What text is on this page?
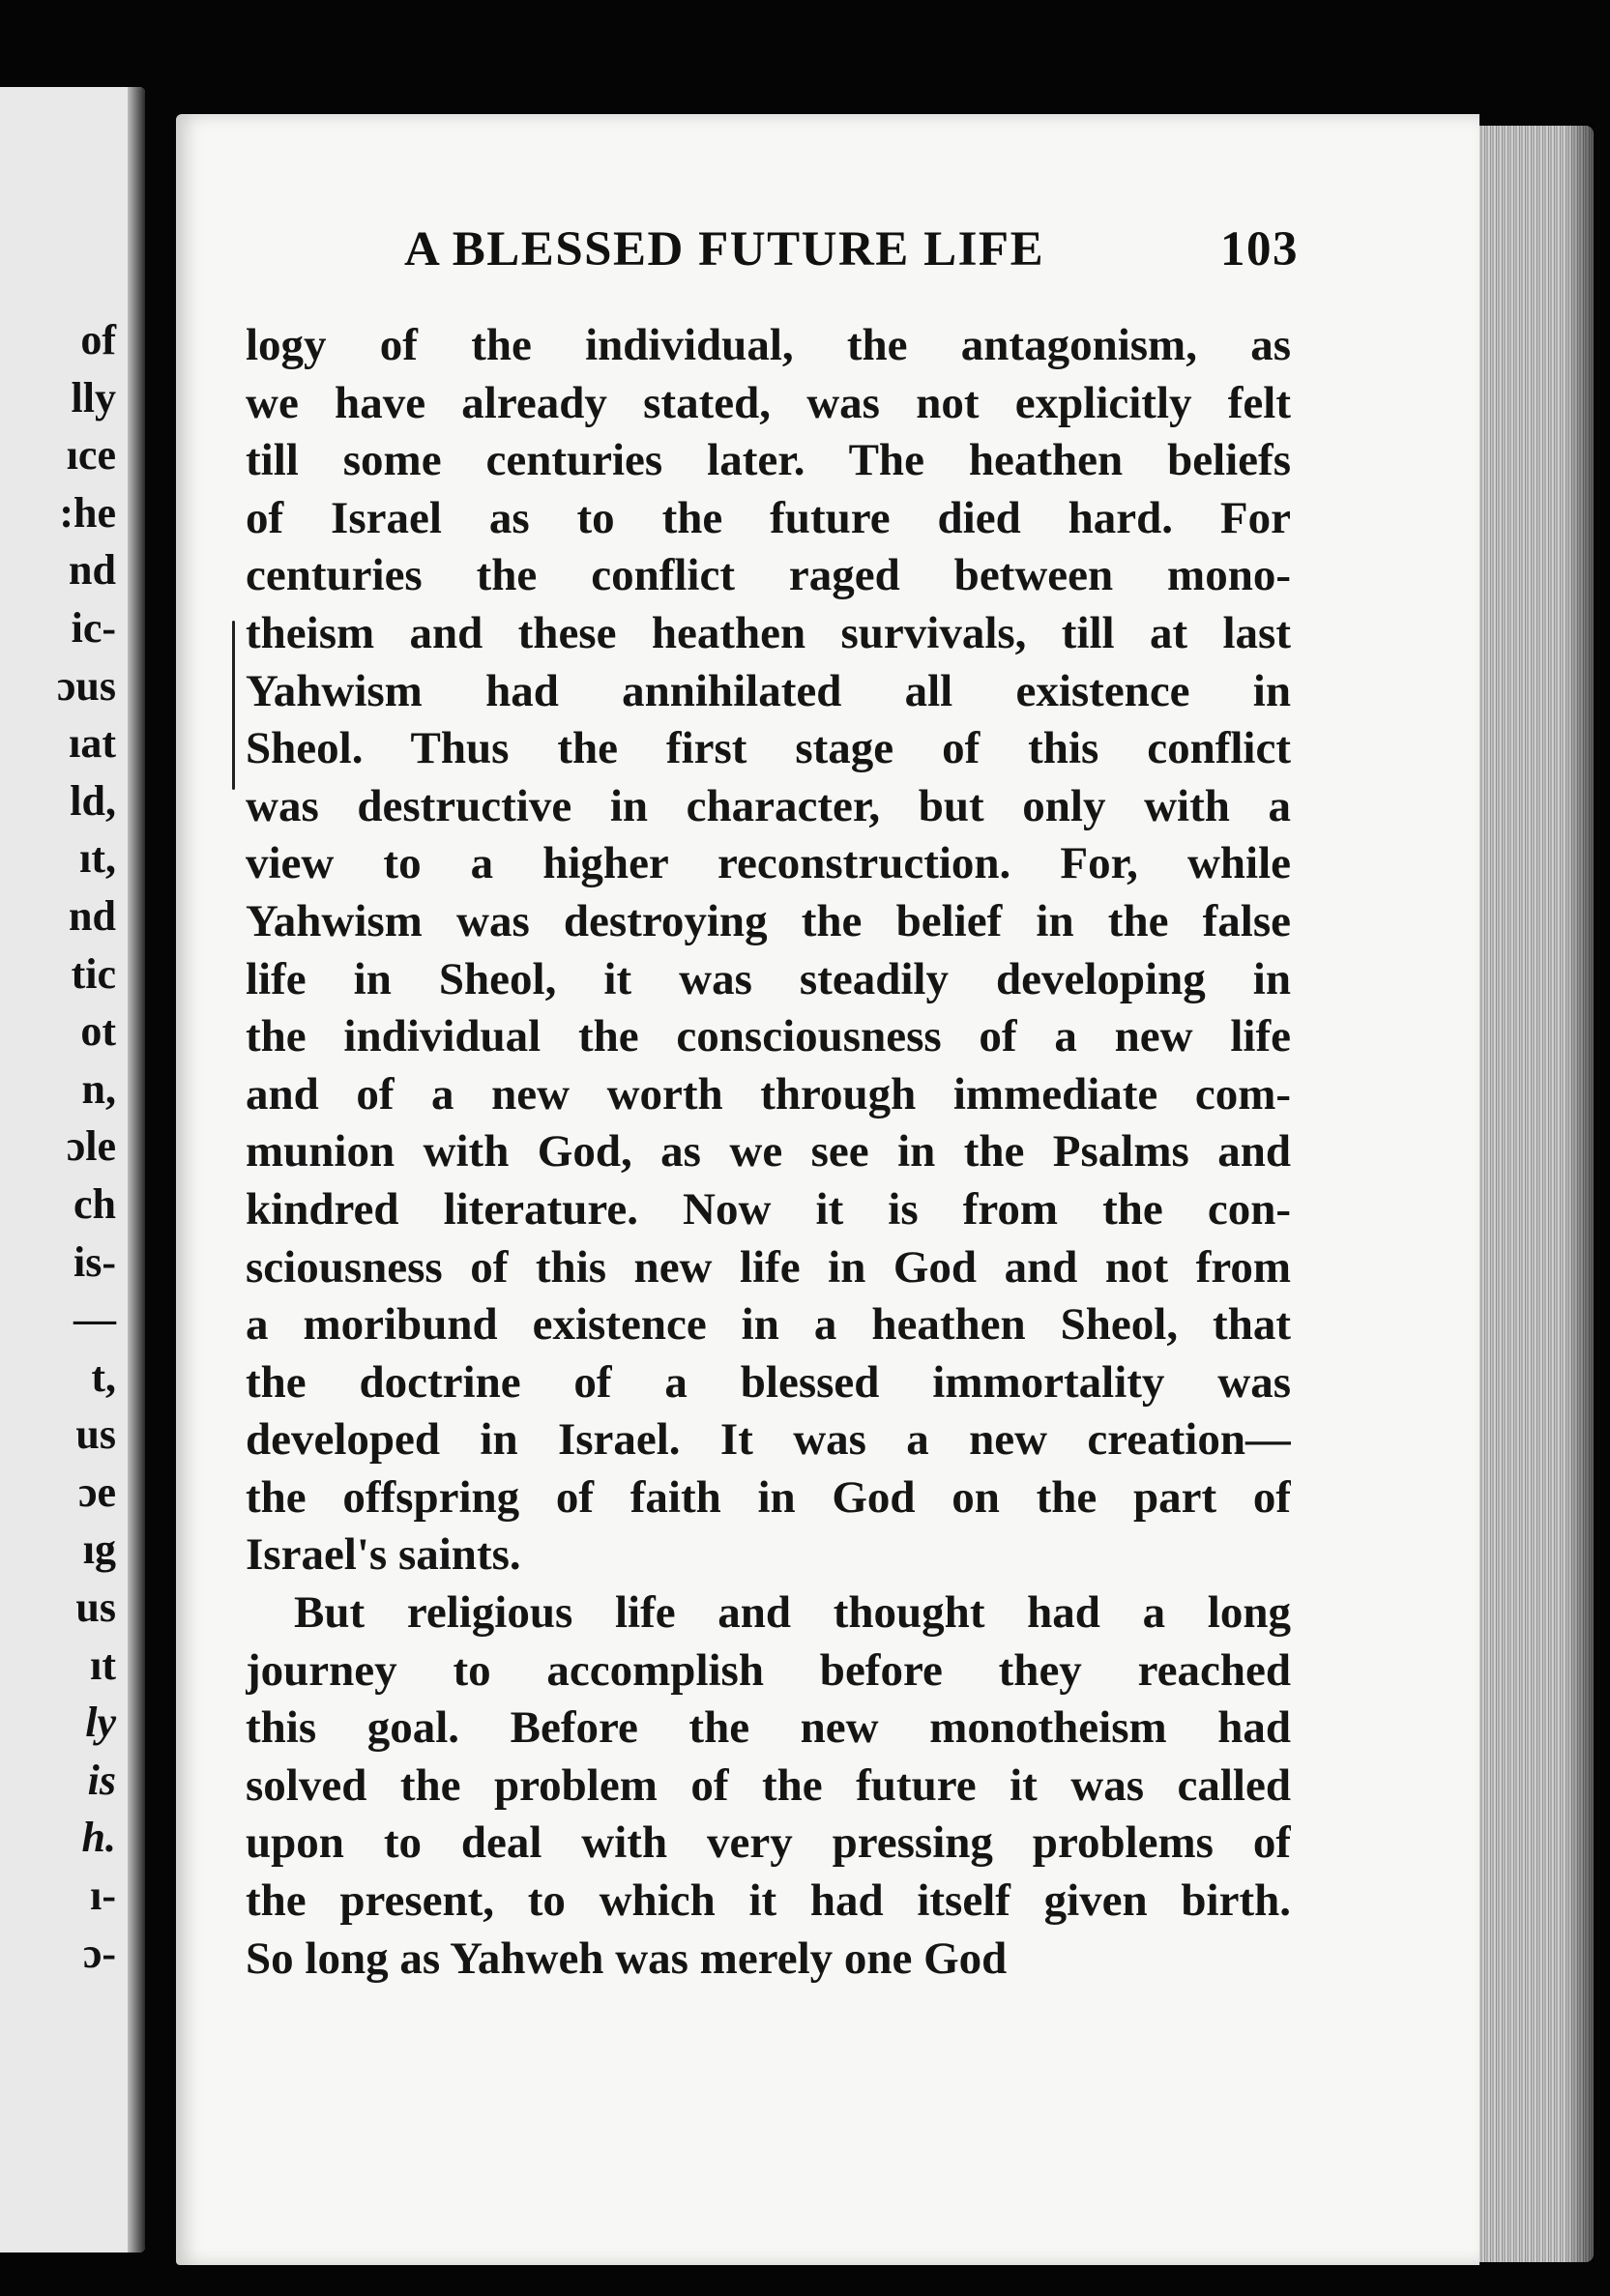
of
lly
ıce
:he
nd
ic-
ɔus
ıat
ld,
ıt,
nd
tic
ot
n,
ɔle
ch
is-
—
t,
us
ɔe
ıg
us
ıt
ly
is
h.
ı-
ɔ-
A BLESSED FUTURE LIFE	103
logy of the individual, the antagonism, as
we have already stated, was not explicitly felt
till some centuries later. The heathen beliefs
of Israel as to the future died hard. For
centuries the conflict raged between mono-
theism and these heathen survivals, till at last
Yahwism had annihilated all existence in
Sheol. Thus the first stage of this conflict
was destructive in character, but only with a
view to a higher reconstruction. For, while
Yahwism was destroying the belief in the false
life in Sheol, it was steadily developing in
the individual the consciousness of a new life
and of a new worth through immediate com-
munion with God, as we see in the Psalms and
kindred literature. Now it is from the con-
sciousness of this new life in God and not from
a moribund existence in a heathen Sheol, that
the doctrine of a blessed immortality was
developed in Israel. It was a new creation—
the offspring of faith in God on the part of
Israel's saints.
But religious life and thought had a long
journey to accomplish before they reached
this goal. Before the new monotheism had
solved the problem of the future it was called
upon to deal with very pressing problems of
the present, to which it had itself given birth.
So long as Yahweh was merely one God
